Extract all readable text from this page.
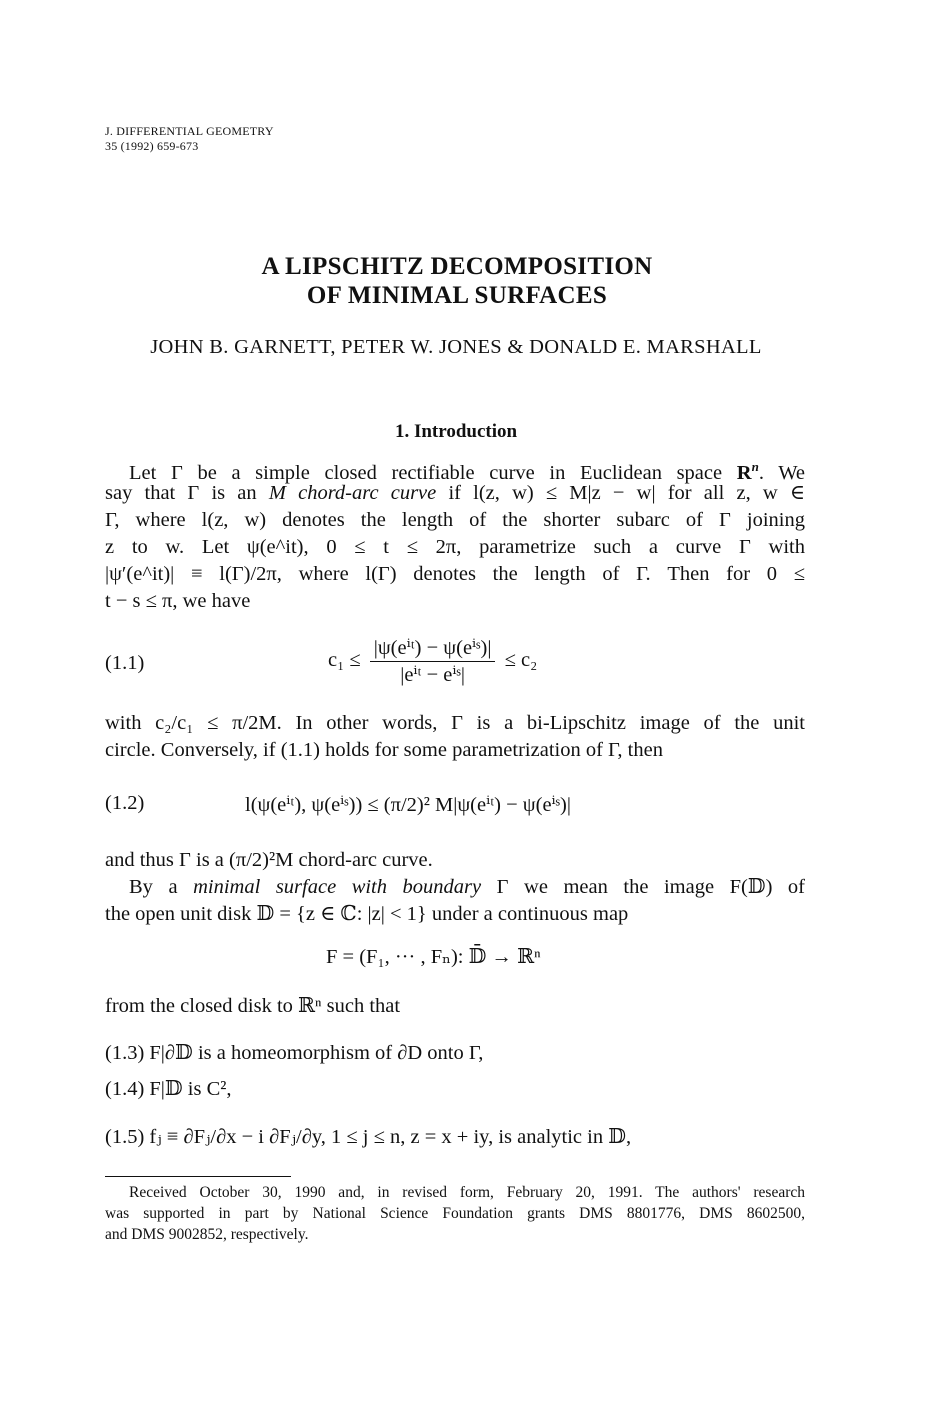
J. DIFFERENTIAL GEOMETRY
35 (1992) 659-673
A LIPSCHITZ DECOMPOSITION
OF MINIMAL SURFACES
JOHN B. GARNETT, PETER W. JONES & DONALD E. MARSHALL
1. Introduction
Let Γ be a simple closed rectifiable curve in Euclidean space $R^n$. We
say that Γ is an M chord-arc curve if l(z, w) ≤ M|z − w| for all z, w ∈
Γ, where l(z, w) denotes the length of the shorter subarc of Γ joining
z to w. Let ψ(e^it), 0 ≤ t ≤ 2π, parametrize such a curve Γ with
|ψ′(e^it)| ≡ l(Γ)/2π, where l(Γ) denotes the length of Γ. Then for 0 ≤
t − s ≤ π, we have
(1.1)	$c_1 \le \frac{\text{|ψ(eⁱᵗ) − ψ(eⁱˢ)|}}{\text{|eⁱᵗ − eⁱˢ|}} \le c_2$
with c₂/c₁ ≤ π/2M. In other words, Γ is a bi-Lipschitz image of the unit
circle. Conversely, if (1.1) holds for some parametrization of Γ, then
(1.2)	l(ψ(eⁱᵗ), ψ(eⁱˢ)) ≤ (π/2)² M|ψ(eⁱᵗ) − ψ(eⁱˢ)|
and thus Γ is a (π/2)²M chord-arc curve.
By a minimal surface with boundary Γ we mean the image F(𝔻) of
the open unit disk 𝔻 = {z ∈ ℂ: |z| < 1} under a continuous map
F = (F₁, ··· , Fₙ): 𝔻̄ → ℝⁿ
from the closed disk to ℝⁿ such that
(1.3) F|∂𝔻 is a homeomorphism of ∂D onto Γ,
(1.4) F|𝔻 is C²,
(1.5) fⱼ ≡ ∂Fⱼ/∂x − i ∂Fⱼ/∂y, 1 ≤ j ≤ n, z = x + iy, is analytic in 𝔻,
Received October 30, 1990 and, in revised form, February 20, 1991. The authors' research
was supported in part by National Science Foundation grants DMS 8801776, DMS 8602500,
and DMS 9002852, respectively.
